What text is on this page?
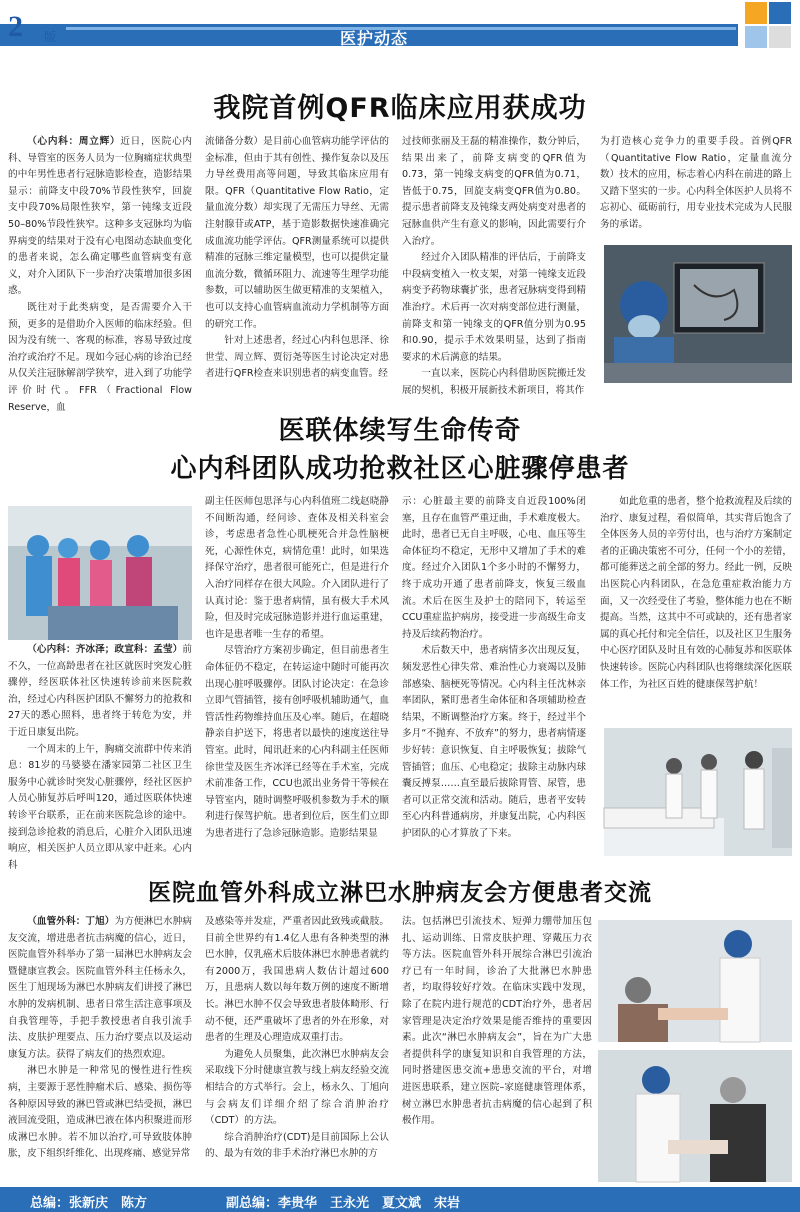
2 版	医护动态
责任编辑：温向军　孟莹
我院首例QFR临床应用获成功

（心内科：周立辉）近日，医院心内科、导管室的医务人员为一位胸痛症状典型的中年男性患者行冠脉造影检查，造影结果显示：前降支中段70%节段性狭窄，回旋支中段70%局限性狭窄，第一钝缘支近段50–80%节段性狭窄。这种多支冠脉均为临界病变的结果对于没有心电图动态缺血变化的患者来说，怎么确定哪些血管病变有意义，对介入团队下一步治疗决策增加很多困惑。

既往对于此类病变，是否需要介入干预，更多的是借助介入医师的临床经验。但因为没有统一、客观的标准，容易导致过度治疗或治疗不足。现如今冠心病的诊治已经从仅关注冠脉解剖学狭窄，进入到了功能学评价时代。FFR（Fractional Flow Reserve，血

流储备分数）是目前心血管病功能学评估的金标准，但由于其有创性、操作复杂以及压力导丝费用高等问题，导致其临床应用有限。QFR（Quantitative Flow Ratio，定量血流分数）却实现了无需压力导丝、无需注射腺苷或ATP，基于造影数据快速准确完成血流功能学评估。QFR测量系统可以提供精准的冠脉三维定量模型，也可以提供定量血流分数，微循环阻力、流速等生理学功能参数，可以辅助医生做更精准的支架植入，也可以支持心血管病血流动力学机制等方面的研究工作。

针对上述患者，经过心内科包思泽、徐世莹、周立辉、贾衍尧等医生讨论决定对患者进行QFR检查来识别患者的病变血管。经

过技师张丽及王磊的精准操作，数分钟后，结果出来了，前降支病变的QFR值为0.73，第一钝缘支病变的QFR值为0.71，皆低于0.75，回旋支病变QFR值为0.80。提示患者前降支及钝缘支两处病变对患者的冠脉血供产生有意义的影响，因此需要行介入治疗。

经过介入团队精准的评估后，于前降支中段病变植入一枚支架，对第一钝缘支近段病变予药物球囊扩张，患者冠脉病变得到精准治疗。术后再一次对病变部位进行测量，前降支和第一钝缘支的QFR值分别为0.95和0.90，提示手术效果明显，达到了指南要求的术后满意的结果。

一直以来，医院心内科借助医院搬迁发展的契机，积极开展新技术新项目，将其作

为打造核心竞争力的重要手段。首例QFR（Quantitative Flow Ratio，定量血流分数）技术的应用，标志着心内科在前进的路上又踏下坚实的一步。心内科全体医护人员将不忘初心、砥砺前行，用专业技术完成为人民服务的承诺。

医联体续写生命传奇
心内科团队成功抢救社区心脏骤停患者

（心内科：齐冰泽；政宣科：孟莹）前不久，一位高龄患者在社区就医时突发心脏骤停，经医联体社区快速转诊前来医院救治，经过心内科医护团队不懈努力的抢救和27天的悉心照料，患者终于转危为安，并于近日康复出院。

一个周末的上午，胸痛交流群中传来消息：81岁的马婆婆在潘家园第二社区卫生服务中心就诊时突发心脏骤停，经社区医护人员心肺复苏后呼叫120，通过医联体快速转诊平台联系，正在前来医院急诊的途中。接到急诊抢救的消息后，心脏介入团队迅速响应，相关医护人员立即从家中赶来。心内科

副主任医师包思泽与心内科值班二线赵晓静不间断沟通，经问诊、查体及相关科室会诊，考虑患者急性心肌梗死合并急性脑梗死，心源性休克，病情危重！此时，如果选择保守治疗，患者很可能死亡，但是进行介入治疗同样存在很大风险。介入团队进行了认真讨论：鉴于患者病情，虽有极大手术风险，但及时完成冠脉造影并进行血运重建，也许是患者唯一生存的希望。

尽管治疗方案初步确定，但目前患者生命体征仍不稳定，在转运途中随时可能再次出现心脏呼吸骤停。团队讨论决定：在急诊立即气管插管，接有创呼吸机辅助通气，血管活性药物维持血压及心率。随后，在超晓静亲自护送下，将患者以最快的速度送往导管室。此时，闻讯赶来的心内科副主任医师徐世莹及医生齐冰泽已经等在手术室，完成术前准备工作，CCU也派出业务骨干等候在导管室内，随时调整呼吸机参数为手术的顺利进行保驾护航。患者到位后，医生们立即为患者进行了急诊冠脉造影。造影结果显

示：心脏最主要的前降支自近段100%闭塞，且存在血管严重迂曲，手术难度极大。此时，患者已无自主呼吸，心电、血压等生命体征均不稳定，无形中又增加了手术的难度。经过介入团队1个多小时的不懈努力，终于成功开通了患者前降支，恢复三级血流。术后在医生及护士的陪同下，转运至CCU重症监护病房，接受进一步高级生命支持及后续药物治疗。

术后数天中，患者病情多次出现反复，频发恶性心律失常、难治性心力衰竭以及肺部感染、脑梗死等情况。心内科主任沈林亲率团队，紧盯患者生命体征和各项辅助检查结果，不断调整治疗方案。终于，经过半个多月“不抛弃、不放弃”的努力，患者病情逐步好转：意识恢复、自主呼吸恢复；拔除气管插管；血压、心电稳定；拔除主动脉内球囊反搏泵……直至最后拔除胃管、尿管，患者可以正常交流和活动。随后，患者平安转至心内科普通病房，并康复出院，心内科医护团队的心才算放了下来。

如此危重的患者，整个抢救流程及后续的治疗、康复过程，看似简单，其实背后饱含了全体医务人员的辛劳付出，也与治疗方案制定者的正确决策密不可分，任何一个小的差错，都可能葬送之前全部的努力。经此一例，反映出医院心内科团队，在急危重症救治能力方面，又一次经受住了考验，整体能力也在不断提高。当然，这其中不可或缺的，还有患者家属的真心托付和完全信任，以及社区卫生服务中心医疗团队及时且有效的心肺复苏和医联体快速转诊。医院心内科团队也将继续深化医联体工作，为社区百姓的健康保驾护航！

医院血管外科成立淋巴水肿病友会方便患者交流

（血管外科：丁旭）为方便淋巴水肿病友交流，增进患者抗击病魔的信心，近日，医院血管外科举办了第一届淋巴水肿病友会暨健康宣教会。医院血管外科主任杨永久，医生丁旭现场为淋巴水肿病友们讲授了淋巴水肿的发病机制、患者日常生活注意事项及自我管理等，手把手教授患者自我引流手法、皮肤护理要点、压力治疗要点以及运动康复方法。获得了病友们的热烈欢迎。

淋巴水肿是一种常见的慢性进行性疾病，主要源于恶性肿瘤术后、感染、损伤等各种原因导致的淋巴管或淋巴结受损，淋巴液回流受阻，造成淋巴液在体内积聚进而形成淋巴水肿。若不加以治疗,可导致肢体肿胀，皮下组织纤维化、出现疼痛、感觉异常

及感染等并发症，严重者因此致残或截肢。目前全世界约有1.4亿人患有各种类型的淋巴水肿，仅乳癌术后肢体淋巴水肿患者就约有2000万，我国患病人数估计超过600万，且患病人数以每年数万例的速度不断增长。淋巴水肿不仅会导致患者肢体畸形、行动不便，还严重破坏了患者的外在形象，对患者的生理及心理造成双重打击。

为避免人员聚集，此次淋巴水肿病友会采取线下分时健康宣教与线上病友经验交流相结合的方式举行。会上，杨永久、丁旭向与会病友们详细介绍了综合消肿治疗（CDT）的方法。

综合消肿治疗(CDT)是目前国际上公认的、最为有效的非手术治疗淋巴水肿的方

法。包括淋巴引流技术、短弹力绷带加压包扎、运动训练、日常皮肤护理、穿戴压力衣等方法。医院血管外科开展综合淋巴引流治疗已有一年时间，诊治了大批淋巴水肿患者，均取得较好疗效。在临床实践中发现，除了在院内进行规范的CDT治疗外，患者居家管理是决定治疗效果是能否维持的重要因素。此次“淋巴水肿病友会”，旨在为广大患者提供科学的康复知识和自我管理的方法，同时搭建医患交流+患患交流的平台，对增进医患联系，建立医院–家庭健康管理体系，树立淋巴水肿患者抗击病魔的信心起到了积极作用。

总编：张新庆　陈方	副总编：李贵华　王永光　夏文斌　宋岩
